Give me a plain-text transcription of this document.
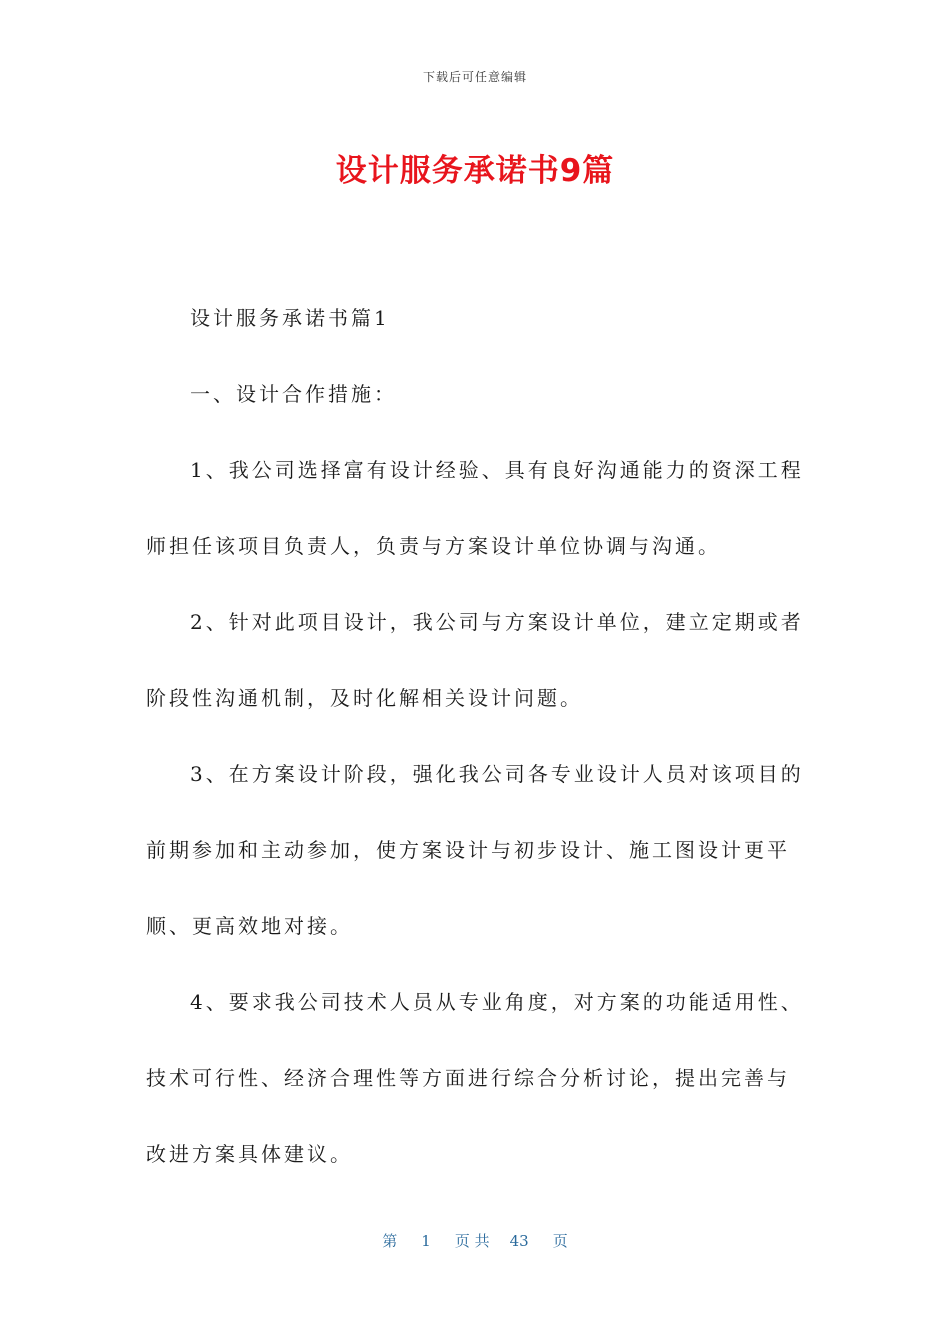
下载后可任意编辑
设计服务承诺书9篇

设计服务承诺书篇1

一、设计合作措施：

1、我公司选择富有设计经验、具有良好沟通能力的资深工程师担任该项目负责人，负责与方案设计单位协调与沟通。

2、针对此项目设计，我公司与方案设计单位，建立定期或者阶段性沟通机制，及时化解相关设计问题。

3、在方案设计阶段，强化我公司各专业设计人员对该项目的前期参加和主动参加，使方案设计与初步设计、施工图设计更平顺、更高效地对接。

4、要求我公司技术人员从专业角度，对方案的功能适用性、技术可行性、经济合理性等方面进行综合分析讨论，提出完善与改进方案具体建议。

第 1 页 共 43 页
